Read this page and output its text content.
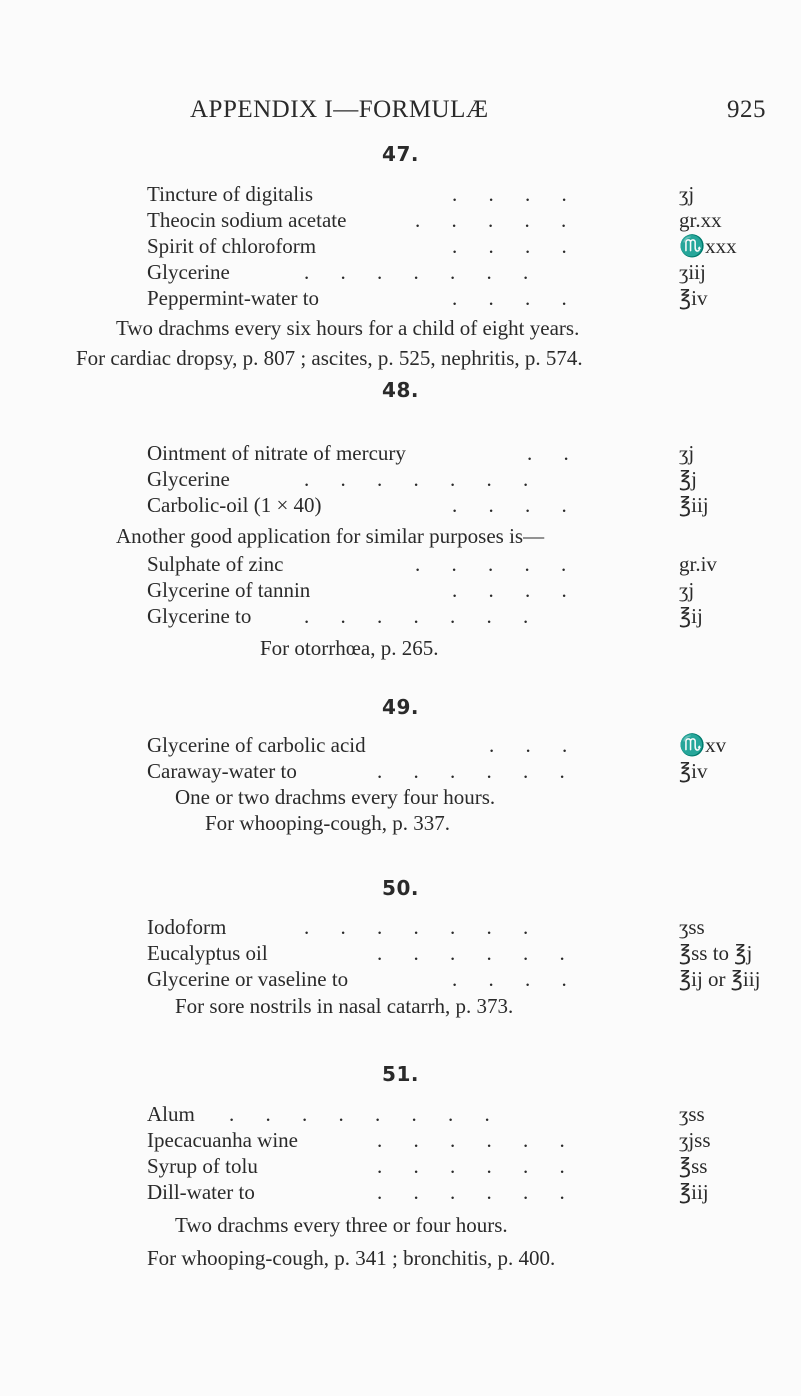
APPENDIX I—FORMULÆ	925
47.
Tincture of digitalis	. . . .	ʒj
Theocin sodium acetate	. . . . .	gr.xx
Spirit of chloroform	. . . .	♏xxx
Glycerine	. . . . . . .	ʒiij
Peppermint-water to	. . . .	℥iv
Two drachms every six hours for a child of eight years.
For cardiac dropsy, p. 807 ; ascites, p. 525, nephritis, p. 574.
48.
Ointment of nitrate of mercury	. .	ʒj
Glycerine	. . . . . . .	℥j
Carbolic-oil (1 × 40)	. . . .	℥iij
Another good application for similar purposes is—
Sulphate of zinc	. . . . .	gr.iv
Glycerine of tannin	. . . .	ʒj
Glycerine to	. . . . . . .	℥ij
For otorrhœa, p. 265.
49.
Glycerine of carbolic acid	. . .	♏xv
Caraway-water to	. . . . . .	℥iv
One or two drachms every four hours.
For whooping-cough, p. 337.
50.
Iodoform	. . . . . . .	ʒss
Eucalyptus oil	. . . . . .	℥ss to ℥j
Glycerine or vaseline to	. . . .	℥ij or ℥iij
For sore nostrils in nasal catarrh, p. 373.
51.
Alum . . . . . . . .	ʒss
Ipecacuanha wine	. . . . . .	ʒjss
Syrup of tolu	. . . . . .	℥ss
Dill-water to	. . . . . .	℥iij
Two drachms every three or four hours.
For whooping-cough, p. 341 ; bronchitis, p. 400.
